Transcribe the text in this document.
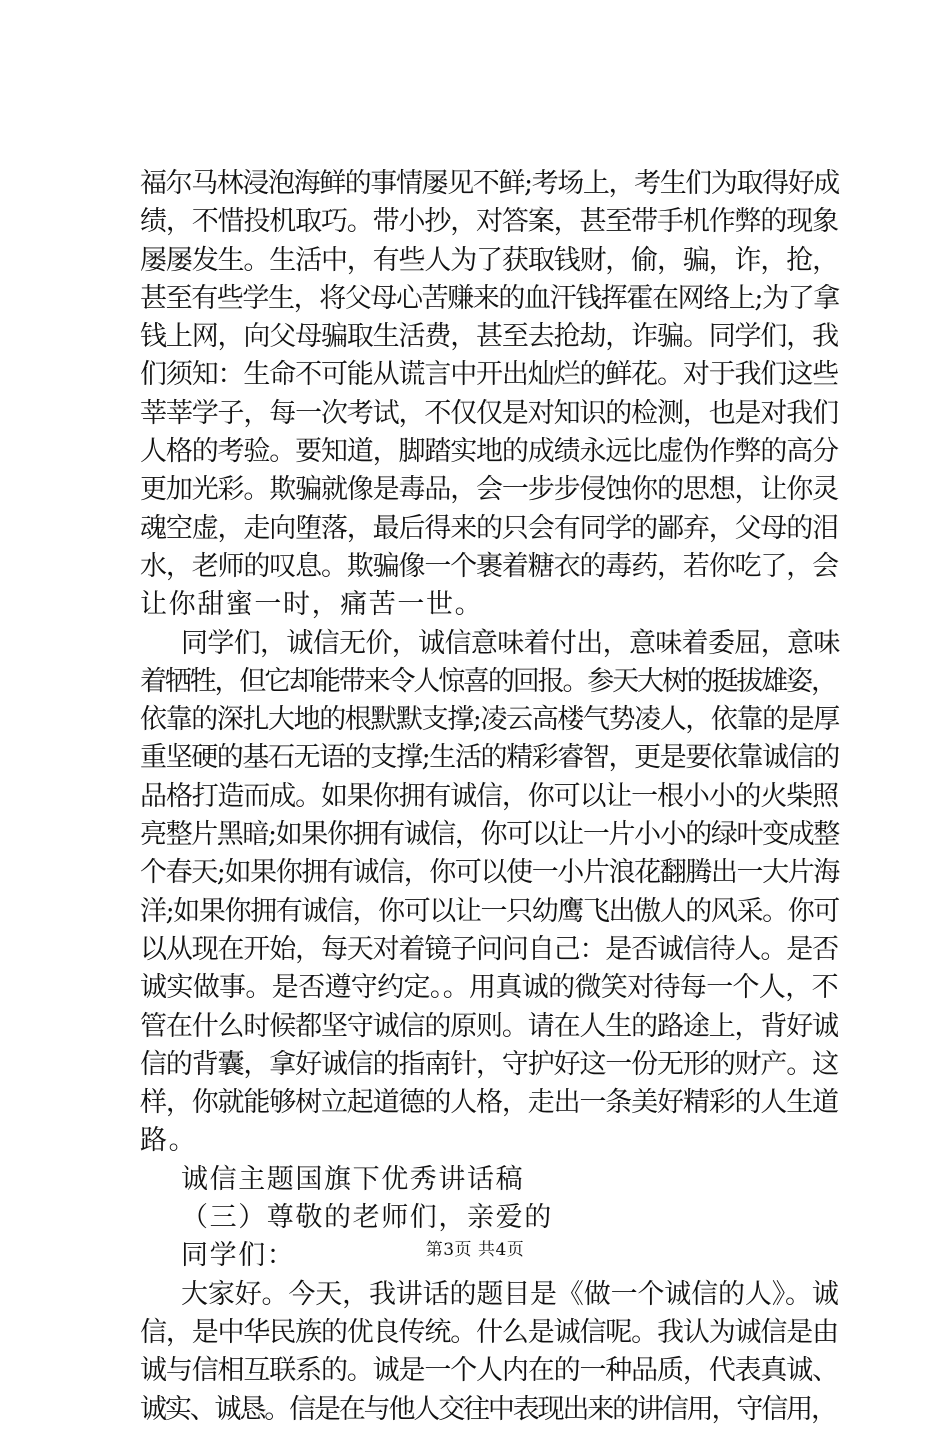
福尔马林浸泡海鲜的事情屡见不鲜;考场上，考生们为取得好成
绩，不惜投机取巧。带小抄，对答案，甚至带手机作弊的现象
屡屡发生。生活中，有些人为了获取钱财，偷，骗，诈，抢，
甚至有些学生，将父母心苦赚来的血汗钱挥霍在网络上;为了拿
钱上网，向父母骗取生活费，甚至去抢劫，诈骗。同学们，我
们须知：生命不可能从谎言中开出灿烂的鲜花。对于我们这些
莘莘学子，每一次考试，不仅仅是对知识的检测，也是对我们
人格的考验。要知道，脚踏实地的成绩永远比虚伪作弊的高分
更加光彩。欺骗就像是毒品，会一步步侵蚀你的思想，让你灵
魂空虚，走向堕落，最后得来的只会有同学的鄙弃，父母的泪
水，老师的叹息。欺骗像一个裹着糖衣的毒药，若你吃了，会
让你甜蜜一时，痛苦一世。
同学们，诚信无价，诚信意味着付出，意味着委屈，意味
着牺牲，但它却能带来令人惊喜的回报。参天大树的挺拔雄姿，
依靠的深扎大地的根默默支撑;凌云高楼气势凌人，依靠的是厚
重坚硬的基石无语的支撑;生活的精彩睿智，更是要依靠诚信的
品格打造而成。如果你拥有诚信，你可以让一根小小的火柴照
亮整片黑暗;如果你拥有诚信，你可以让一片小小的绿叶变成整
个春天;如果你拥有诚信，你可以使一小片浪花翻腾出一大片海
洋;如果你拥有诚信，你可以让一只幼鹰飞出傲人的风采。你可
以从现在开始，每天对着镜子问问自己：是否诚信待人。是否
诚实做事。是否遵守约定。。用真诚的微笑对待每一个人，不
管在什么时候都坚守诚信的原则。请在人生的路途上，背好诚
信的背囊，拿好诚信的指南针，守护好这一份无形的财产。这
样，你就能够树立起道德的人格，走出一条美好精彩的人生道
路。
诚信主题国旗下优秀讲话稿
（三）尊敬的老师们，亲爱的
同学们：
大家好。今天，我讲话的题目是《做一个诚信的人》。诚
信，是中华民族的优良传统。什么是诚信呢。我认为诚信是由
诚与信相互联系的。诚是一个人内在的一种品质，代表真诚、
诚实、诚恳。信是在与他人交往中表现出来的讲信用，守信用，
第3页 共4页
